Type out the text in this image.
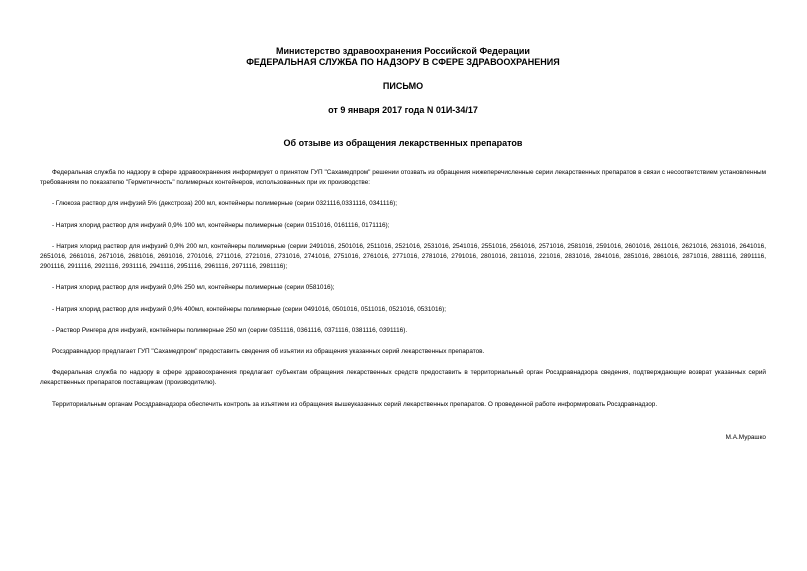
Министерство здравоохранения Российской Федерации
ФЕДЕРАЛЬНАЯ СЛУЖБА ПО НАДЗОРУ В СФЕРЕ ЗДРАВООХРАНЕНИЯ
ПИСЬМО
от 9 января 2017 года N 01И-34/17
Об отзыве из обращения лекарственных препаратов

Федеральная служба по надзору в сфере здравоохранения информирует о принятом ГУП "Сахамедпром" решении отозвать из обращения нижеперечисленные серии лекарственных препаратов в связи с несоответствием установленным требованиям по показателю "Герметичность" полимерных контейнеров, использованных при их производстве:

- Глюкоза раствор для инфузий 5% (декстроза) 200 мл, контейнеры полимерные (серии 0321116,0331116, 0341116);

- Натрия хлорид раствор для инфузий 0,9% 100 мл, контейнеры полимерные (серии 0151016, 0161116, 0171116);

- Натрия хлорид раствор для инфузий 0,9% 200 мл, контейнеры полимерные (серии 2491016, 2501016, 2511016, 2521016, 2531016, 2541016, 2551016, 2561016, 2571016, 2581016, 2591016, 2601016, 2611016, 2621016, 2631016, 2641016, 2651016, 2661016, 2671016, 2681016, 2691016, 2701016, 2711016, 2721016, 2731016, 2741016, 2751016, 2761016, 2771016, 2781016, 2791016, 2801016, 2811016, 221016, 2831016, 2841016, 2851016, 2861016, 2871016, 2881116, 2891116, 2901116, 2911116, 2921116, 2931116, 2941116, 2951116, 2961116, 2971116, 2981116);

- Натрия хлорид раствор для инфузий 0,9% 250 мл, контейнеры полимерные (серии 0581016);

- Натрия хлорид раствор для инфузий 0,9% 400мл, контейнеры полимерные (серии 0491016, 0501016, 0511016, 0521016, 0531016);

- Раствор Рингера для инфузий, контейнеры полимерные 250 мл (серии 0351116, 0361116, 0371116, 0381116, 0391116).

Росздравнадзор предлагает ГУП "Сахамедпром" предоставить сведения об изъятии из обращения указанных серий лекарственных препаратов.

Федеральная служба по надзору в сфере здравоохранения предлагает субъектам обращения лекарственных средств предоставить в территориальный орган Росздравнадзора сведения, подтверждающие возврат указанных серий лекарственных препаратов поставщикам (производителю).

Территориальным органам Росздравнадзора обеспечить контроль за изъятием из обращения вышеуказанных серий лекарственных препаратов. О проведенной работе информировать Росздравнадзор.

М.А.Мурашко
